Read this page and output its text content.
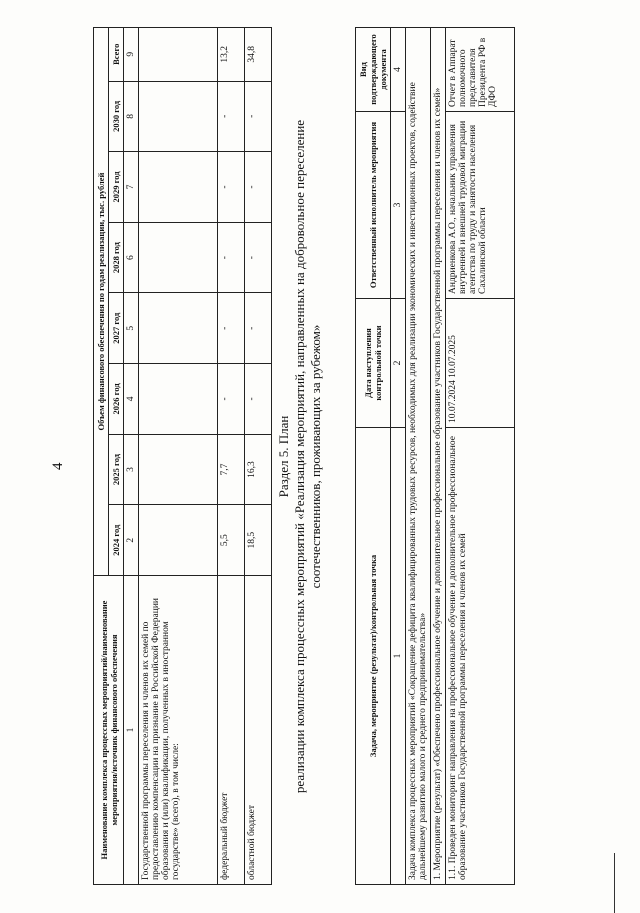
4
Наименование комплекса процессных мероприятий/наименование мероприятия/источник финансового обеспечения	Объем финансового обеспечения по годам реализации, тыс. рублей							
	2024 год	2025 год	2026 год	2027 год	2028 год	2029 год	2030 год	Всего
1	2	3	4	5	6	7	8	9
Государственной программы переселения и членов их семей по предоставлению компенсации на признание в Российской Федерации образования и (или) квалификации, полученных в иностранном государстве» (всего), в том числе:								
федеральный бюджет	5,5	7,7	-	-	-	-	-	13,2
областной бюджет	18,5	16,3	-	-	-	-	-	34,8
Раздел 5. План реализации комплекса процессных мероприятий «Реализация мероприятий, направленных на добровольное переселение соотечественников, проживающих за рубежом»
Задача, мероприятие (результат)/контрольная точка	Дата наступления контрольной точки	Ответственный исполнитель мероприятия	Вид подтверждающего документа
1	2	3	4
Задача комплекса процессных мероприятий «Сокращение дефицита квалифицированных трудовых ресурсов, необходимых для реализации экономических и инвестиционных проектов, содействие дальнейшему развитию малого и среднего предпринимательства»			
1. Мероприятие (результат) «Обеспечено профессиональное обучение и дополнительное профессиональное образование участников Государственной программы переселения и членов их семей»			
1.1. Проведен мониторинг направления на профессиональное обучение и дополнительное профессиональное образование участников Государственной программы переселения и членов их семей	10.07.2024 10.07.2025	Андриенкова А.О., начальник управления внутренней и внешней трудовой миграции агентства по труду и занятости населения Сахалинской области	Отчет в Аппарат полномочного представителя Президента РФ в ДФО
